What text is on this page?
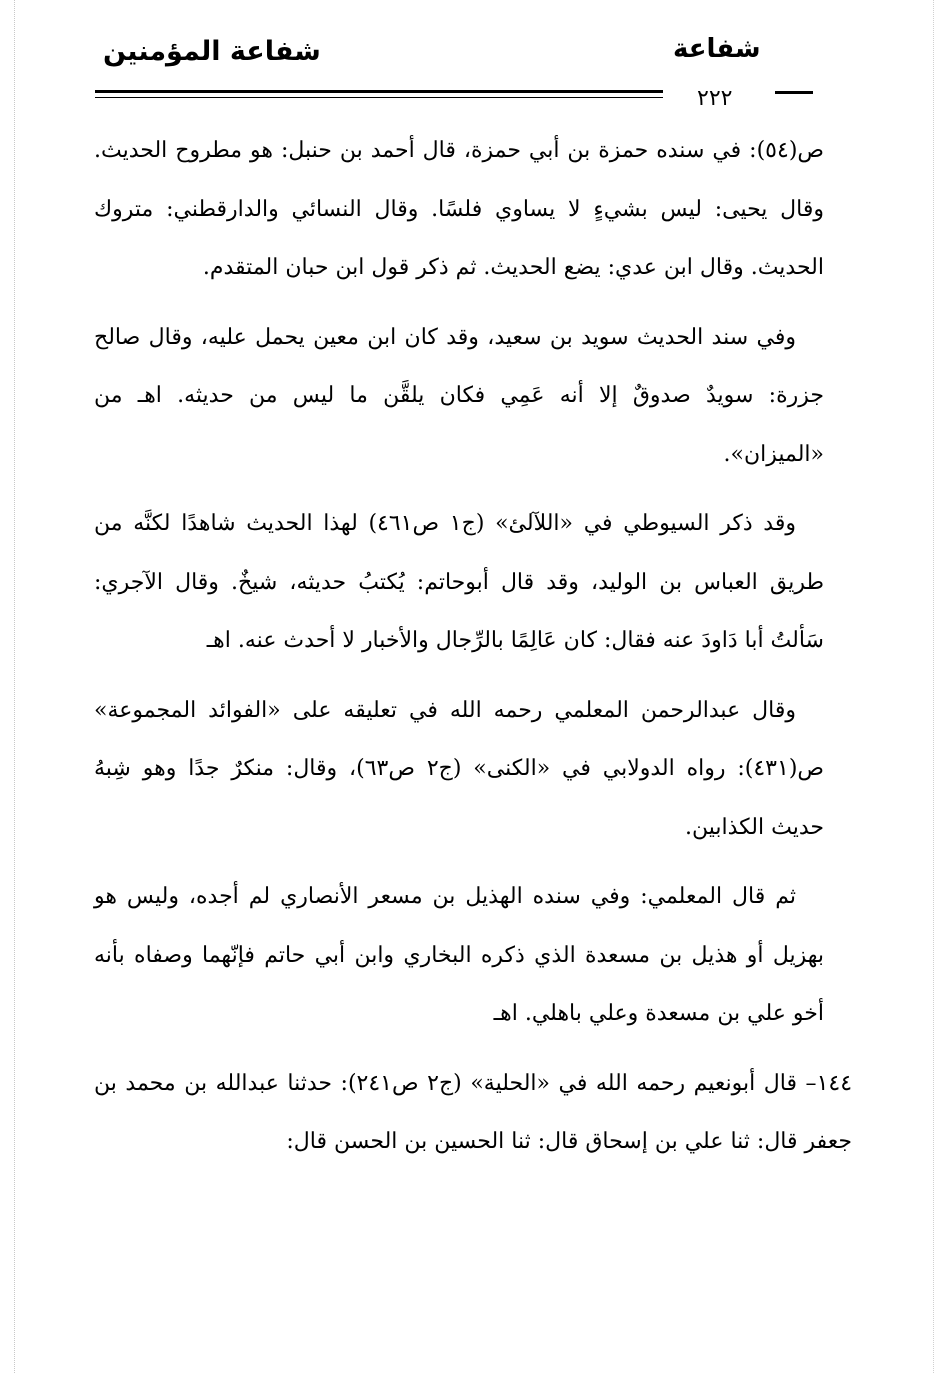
شفاعة المؤمنين	شفاعة
٢٢٢

ص(٥٤): في سنده حمزة بن أبي حمزة، قال أحمد بن حنبل: هو مطروح الحديث. وقال يحيى: ليس بشيءٍ لا يساوي فلسًا. وقال النسائي والدارقطني: متروك الحديث. وقال ابن عدي: يضع الحديث. ثم ذكر قول ابن حبان المتقدم.

وفي سند الحديث سويد بن سعيد، وقد كان ابن معين يحمل عليه، وقال صالح جزرة: سويدٌ صدوقٌ إلا أنه عَمِي فكان يلقَّن ما ليس من حديثه. اهـ من «الميزان».

وقد ذكر السيوطي في «اللآلئ» (ج١ ص٤٦١) لهذا الحديث شاهدًا لكنَّه من طريق العباس بن الوليد، وقد قال أبوحاتم: يُكتبُ حديثه، شيخٌ. وقال الآجري: سَألتُ أبا دَاودَ عنه فقال: كان عَالِمًا بالرِّجال والأخبار لا أحدث عنه. اهـ

وقال عبدالرحمن المعلمي رحمه الله في تعليقه على «الفوائد المجموعة» ص(٤٣١): رواه الدولابي في «الكنى» (ج٢ ص٦٣)، وقال: منكرٌ جدًا وهو شِبهُ حديث الكذابين.

ثم قال المعلمي: وفي سنده الهذيل بن مسعر الأنصاري لم أجده، وليس هو بهزيل أو هذيل بن مسعدة الذي ذكره البخاري وابن أبي حاتم فإنّهما وصفاه بأنه أخو علي بن مسعدة وعلي باهلي. اهـ

١٤٤– قال أبونعيم رحمه الله في «الحلية» (ج٢ ص٢٤١): حدثنا عبدالله بن محمد بن جعفر قال: ثنا علي بن إسحاق قال: ثنا الحسين بن الحسن قال:
